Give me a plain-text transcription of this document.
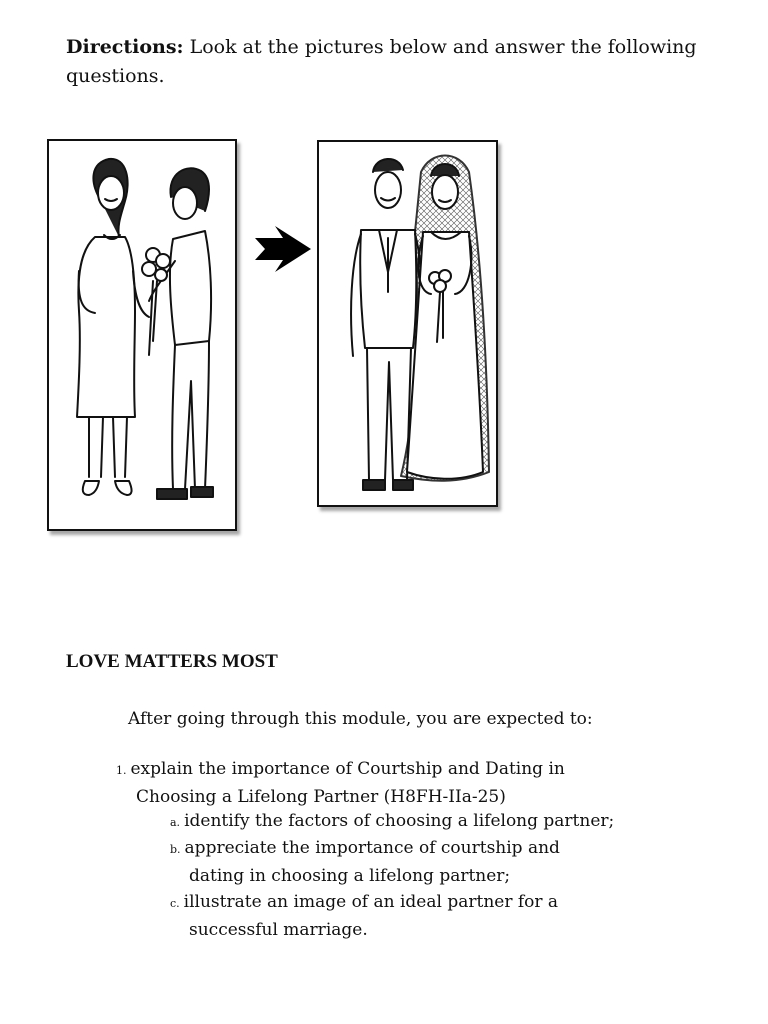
Directions: Look at the pictures below and answer the following questions.

LOVE MATTERS MOST

After going through this module, you are expected to:

1. explain the importance of Courtship and Dating in
Choosing a Lifelong Partner (H8FH-IIa-25)

a. identify the factors of choosing a lifelong partner;

b. appreciate the importance of courtship and
dating in choosing a lifelong partner;

c. illustrate an image of an ideal partner for a
successful marriage.
